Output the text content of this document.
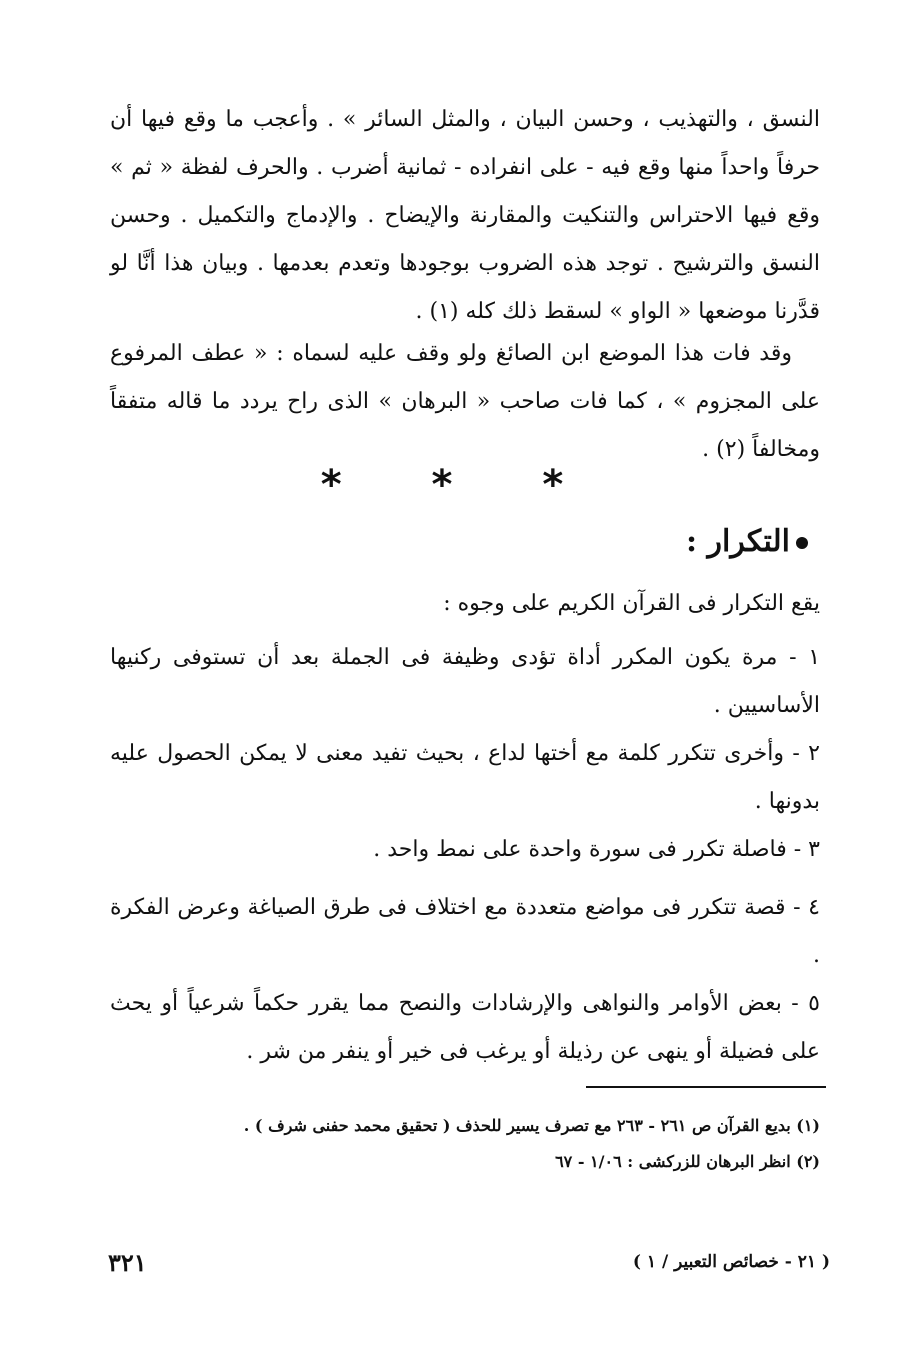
النسق ، والتهذيب ، وحسن البيان ، والمثل السائر » . وأعجب ما وقع فيها أن حرفاً واحداً منها وقع فيه - على انفراده - ثمانية أضرب . والحرف لفظة « ثم » وقع فيها الاحتراس والتنكيت والمقارنة والإيضاح . والإدماج والتكميل . وحسن النسق والترشيح . توجد هذه الضروب بوجودها وتعدم بعدمها . وبيان هذا أنَّا لو قدَّرنا موضعها « الواو » لسقط ذلك كله (١) .

وقد فات هذا الموضع ابن الصائغ ولو وقف عليه لسماه : « عطف المرفوع على المجزوم » ، كما فات صاحب « البرهان » الذى راح يردد ما قاله متفقاً ومخالفاً (٢) .

* * *
التكرار :

يقع التكرار فى القرآن الكريم على وجوه :

١ - مرة يكون المكرر أداة تؤدى وظيفة فى الجملة بعد أن تستوفى ركنيها الأساسيين .

٢ - وأخرى تتكرر كلمة مع أختها لداع ، بحيث تفيد معنى لا يمكن الحصول عليه بدونها .

٣ - فاصلة تكرر فى سورة واحدة على نمط واحد .

٤ - قصة تتكرر فى مواضع متعددة مع اختلاف فى طرق الصياغة وعرض الفكرة .

٥ - بعض الأوامر والنواهى والإرشادات والنصح مما يقرر حكماً شرعياً أو يحث على فضيلة أو ينهى عن رذيلة أو يرغب فى خير أو ينفر من شر .

(١) بديع القرآن ص ٢٦١ - ٢٦٣ مع تصرف يسير للحذف ( تحقيق محمد حفنى شرف ) .

(٢) انظر البرهان للزركشى : ١/٠٦ - ٦٧

٣٢١	( ٢١ - خصائص التعبير / ١ )
